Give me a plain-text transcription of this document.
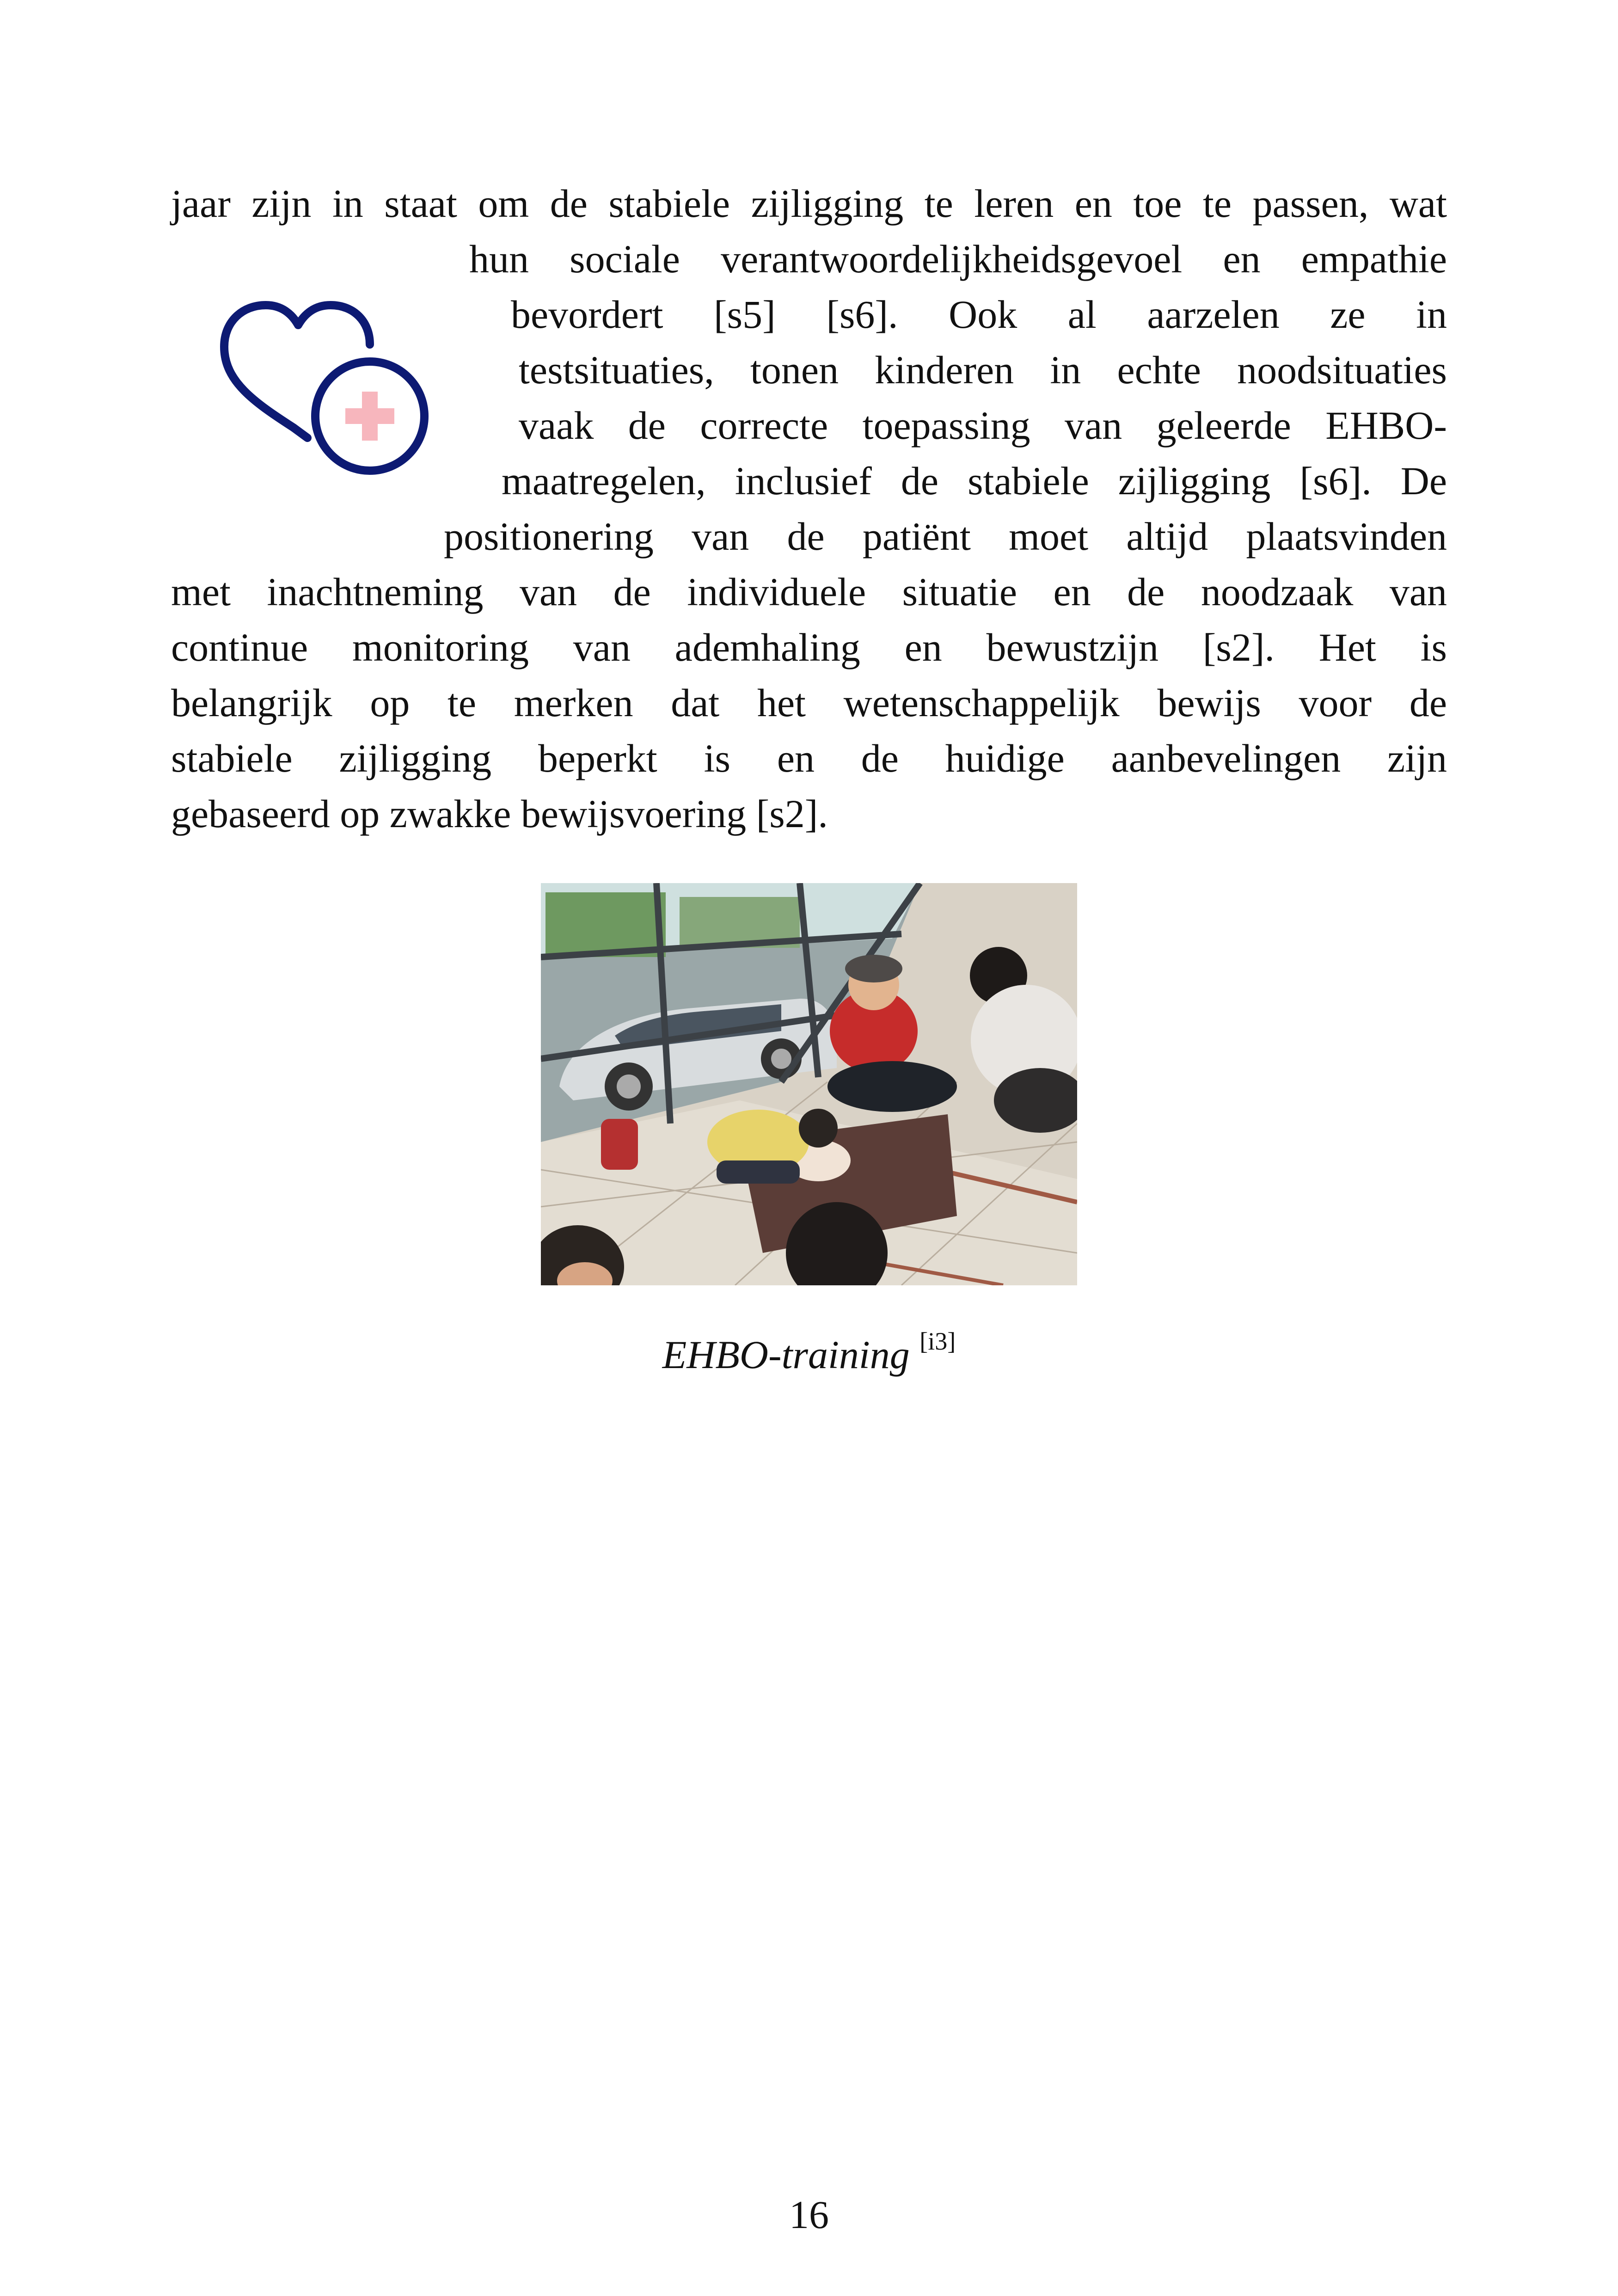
jaar zijn in staat om de stabiele zijligging te leren en toe te passen, wat
hun sociale verantwoordelijkheidsgevoel en empathie
bevordert [s5] [s6]. Ook al aarzelen ze in
testsituaties, tonen kinderen in echte noodsituaties
vaak de correcte toepassing van geleerde EHBO-
maatregelen, inclusief de stabiele zijligging [s6]. De
positionering van de patiënt moet altijd plaatsvinden
met inachtneming van de individuele situatie en de noodzaak van
continue monitoring van ademhaling en bewustzijn [s2]. Het is
belangrijk op te merken dat het wetenschappelijk bewijs voor de
stabiele zijligging beperkt is en de huidige aanbevelingen zijn
gebaseerd op zwakke bewijsvoering [s2].
EHBO-training [i3]
16
